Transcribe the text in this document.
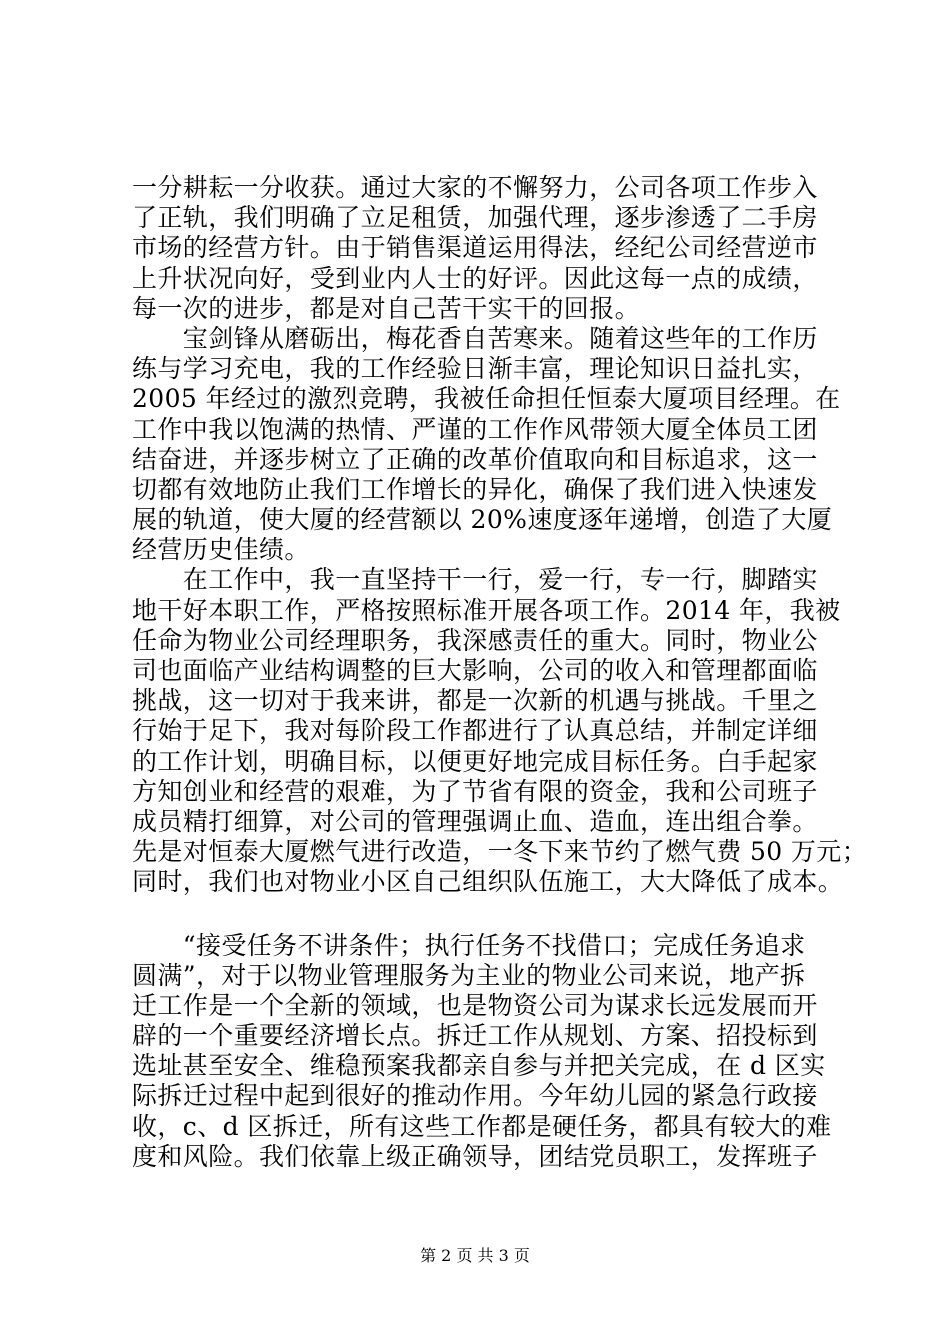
一分耕耘一分收获。通过大家的不懈努力，公司各项工作步入
了正轨，我们明确了立足租赁，加强代理，逐步渗透了二手房
市场的经营方针。由于销售渠道运用得法，经纪公司经营逆市
上升状况向好，受到业内人士的好评。因此这每一点的成绩，
每一次的进步，都是对自己苦干实干的回报。
　　宝剑锋从磨砺出，梅花香自苦寒来。随着这些年的工作历
练与学习充电，我的工作经验日渐丰富，理论知识日益扎实，
2005 年经过的激烈竞聘，我被任命担任恒泰大厦项目经理。在
工作中我以饱满的热情、严谨的工作作风带领大厦全体员工团
结奋进，并逐步树立了正确的改革价值取向和目标追求，这一
切都有效地防止我们工作增长的异化，确保了我们进入快速发
展的轨道，使大厦的经营额以 20%速度逐年递增，创造了大厦
经营历史佳绩。
　　在工作中，我一直坚持干一行，爱一行，专一行，脚踏实
地干好本职工作，严格按照标准开展各项工作。2014 年，我被
任命为物业公司经理职务，我深感责任的重大。同时，物业公
司也面临产业结构调整的巨大影响，公司的收入和管理都面临
挑战，这一切对于我来讲，都是一次新的机遇与挑战。千里之
行始于足下，我对每阶段工作都进行了认真总结，并制定详细
的工作计划，明确目标，以便更好地完成目标任务。白手起家
方知创业和经营的艰难，为了节省有限的资金，我和公司班子
成员精打细算，对公司的管理强调止血、造血，连出组合拳。
先是对恒泰大厦燃气进行改造，一冬下来节约了燃气费 50 万元；
同时，我们也对物业小区自己组织队伍施工，大大降低了成本。
　　“接受任务不讲条件；执行任务不找借口；完成任务追求
圆满”，对于以物业管理服务为主业的物业公司来说，地产拆
迁工作是一个全新的领域，也是物资公司为谋求长远发展而开
辟的一个重要经济增长点。拆迁工作从规划、方案、招投标到
选址甚至安全、维稳预案我都亲自参与并把关完成，在 d 区实
际拆迁过程中起到很好的推动作用。今年幼儿园的紧急行政接
收，c、d 区拆迁，所有这些工作都是硬任务，都具有较大的难
度和风险。我们依靠上级正确领导，团结党员职工，发挥班子
第 2 页 共 3 页
